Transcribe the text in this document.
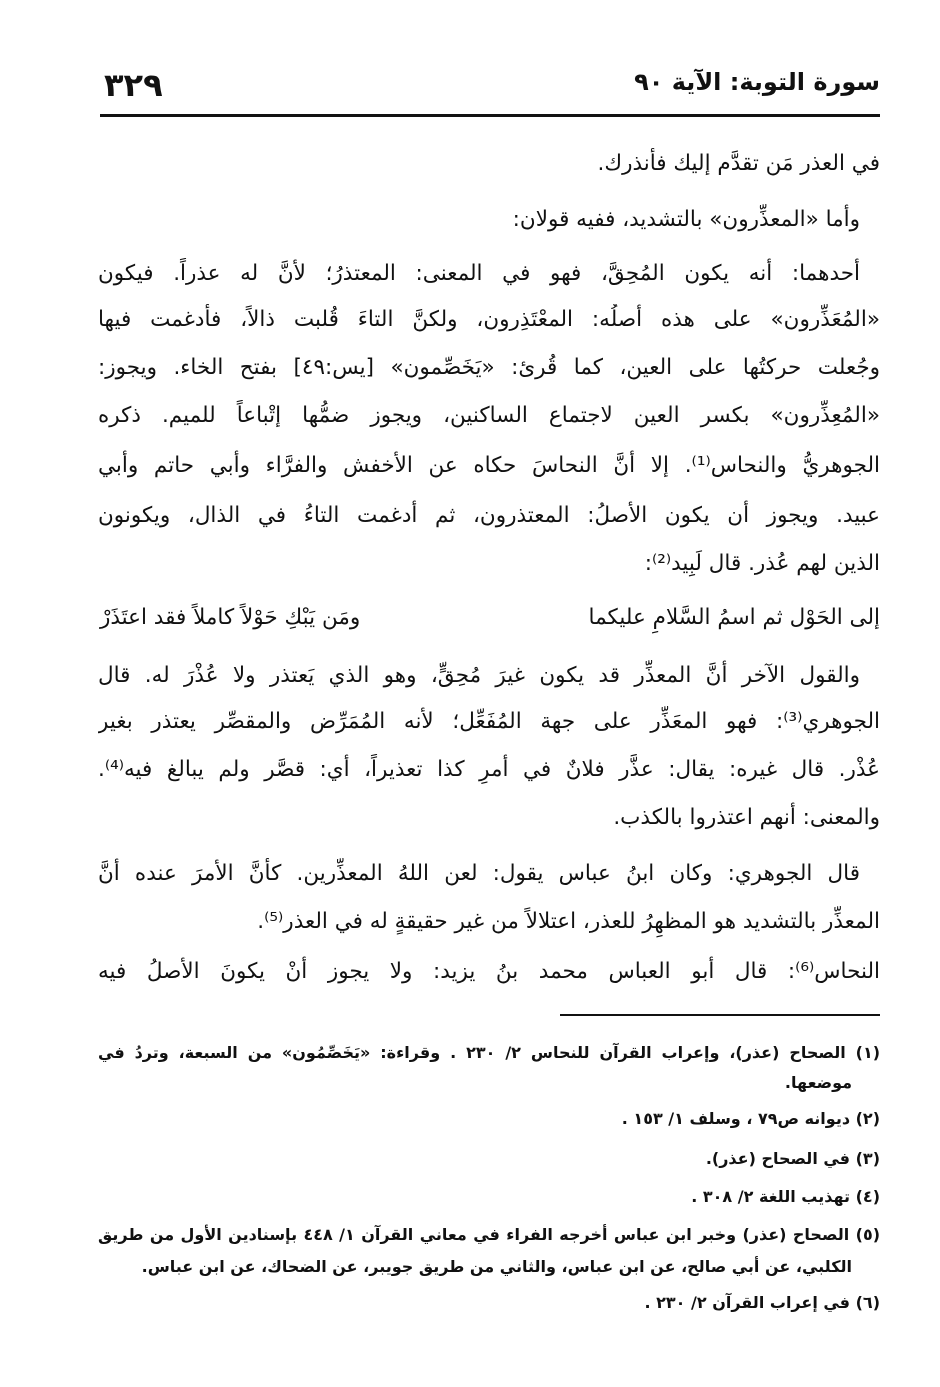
سورة التوبة: الآية ٩٠
٣٢٩
في العذر مَن تقدَّم إليك فأنذرك.
وأما «المعذِّرون» بالتشديد، ففيه قولان:
أحدهما: أنه يكون المُحِقَّ، فهو في المعنى: المعتذرُ؛ لأنَّ له عذراً. فيكون
«المُعَذِّرون» على هذه أصلُه: المعْتَذِرون، ولكنَّ التاءَ قُلبت ذالاً، فأُدغمت فيها
وجُعلت حركتُها على العين، كما قُرئ: «يَخَصِّمون» [يس:٤٩] بفتح الخاء. ويجوز:
«المُعِذِّرون» بكسر العين لاجتماع الساكنين، ويجوز ضمُّها إتْباعاً للميم. ذكره
الجوهريُّ والنحاس⁽¹⁾. إلا أنَّ النحاسَ حكاه عن الأخفش والفرَّاء وأبي حاتم وأبي
عبيد. ويجوز أن يكون الأصلُ: المعتذرون، ثم أُدغمت التاءُ في الذال، ويكونون
الذين لهم عُذر. قال لَبِيد⁽²⁾:
إلى الحَوْل ثم اسمُ السَّلامِ عليكما
ومَن يَبْكِ حَوْلاً كاملاً فقد اعتَذَرْ
والقول الآخر أنَّ المعذِّر قد يكون غيرَ مُحِقٍّ، وهو الذي يَعتذر ولا عُذْرَ له. قال
الجوهري⁽³⁾: فهو المعَذِّر على جهة المُفَعِّل؛ لأنه المُمَرِّض والمقصِّر يعتذر بغير
عُذْر. قال غيره: يقال: عذَّر فلانٌ في أمرِ كذا تعذيراً، أي: قصَّر ولم يبالغ فيه⁽⁴⁾.
والمعنى: أنهم اعتذروا بالكذب.
قال الجوهري: وكان ابنُ عباس يقول: لعن اللهُ المعذِّرين. كأنَّ الأمرَ عنده أنَّ
المعذِّر بالتشديد هو المظهِرُ للعذر، اعتلالاً من غير حقيقةٍ له في العذر⁽⁵⁾.
النحاس⁽⁶⁾: قال أبو العباس محمد بنُ يزيد: ولا يجوز أنْ يكونَ الأصلُ فيه
(١) الصحاح (عذر)، وإعراب القرآن للنحاس ٢/ ٢٣٠ . وقراءة: «يَخَصِّمُون» من السبعة، وتردُ في
موضعها.
(٢) ديوانه ص٧٩ ، وسلف ١/ ١٥٣ .
(٣) في الصحاح (عذر).
(٤) تهذيب اللغة ٢/ ٣٠٨ .
(٥) الصحاح (عذر) وخبر ابن عباس أخرجه الفراء في معاني القرآن ١/ ٤٤٨ بإسنادين الأول من طريق
الكلبي، عن أبي صالح، عن ابن عباس، والثاني من طريق جويبر، عن الضحاك، عن ابن عباس.
(٦) في إعراب القرآن ٢/ ٢٣٠ .
